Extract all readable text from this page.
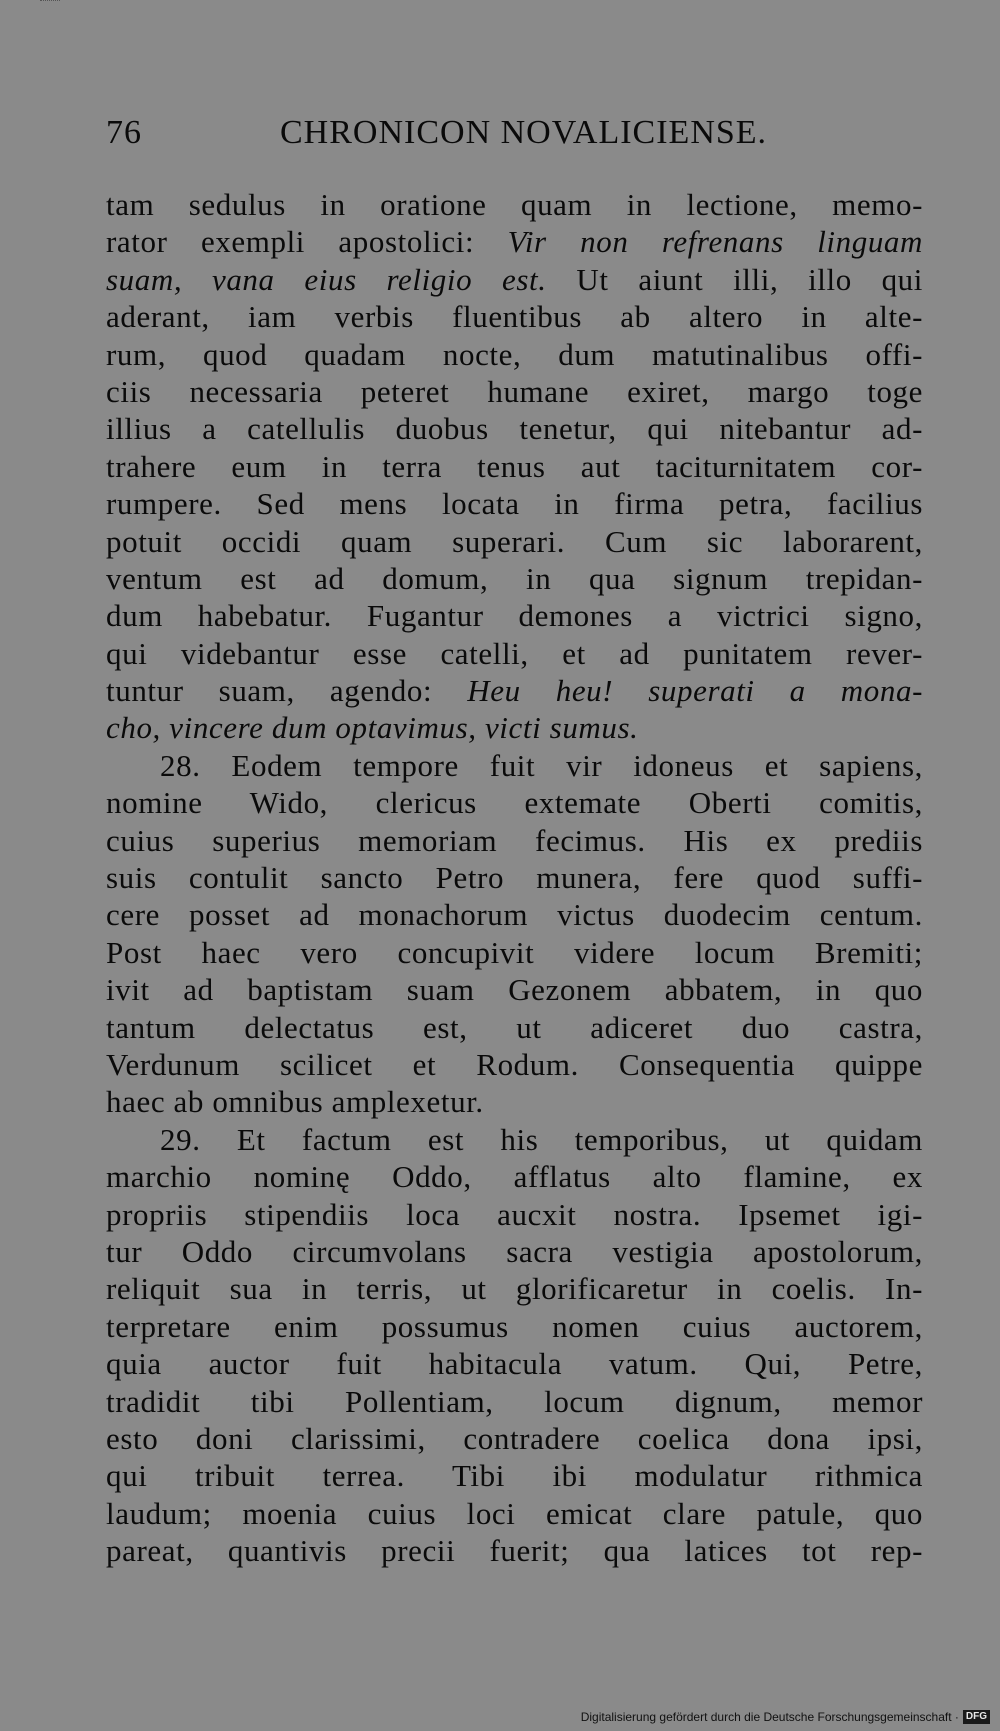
76	CHRONICON NOVALICIENSE.
tam sedulus in oratione quam in lectione, memo-
rator exempli apostolici: Vir non refrenans linguam
suam, vana eius religio est. Ut aiunt illi, illo qui
aderant, iam verbis fluentibus ab altero in alte-
rum, quod quadam nocte, dum matutinalibus offi-
ciis necessaria peteret humane exiret, margo toge
illius a catellulis duobus tenetur, qui nitebantur ad-
trahere eum in terra tenus aut taciturnitatem cor-
rumpere. Sed mens locata in firma petra, facilius
potuit occidi quam superari. Cum sic laborarent,
ventum est ad domum, in qua signum trepidan-
dum habebatur. Fugantur demones a victrici signo,
qui videbantur esse catelli, et ad punitatem rever-
tuntur suam, agendo: Heu heu! superati a mona-
cho, vincere dum optavimus, victi sumus.
28. Eodem tempore fuit vir idoneus et sapiens,
nomine Wido, clericus extemate Oberti comitis,
cuius superius memoriam fecimus. His ex prediis
suis contulit sancto Petro munera, fere quod suffi-
cere posset ad monachorum victus duodecim centum.
Post haec vero concupivit videre locum Bremiti;
ivit ad baptistam suam Gezonem abbatem, in quo
tantum delectatus est, ut adiceret duo castra,
Verdunum scilicet et Rodum. Consequentia quippe
haec ab omnibus amplexetur.
29. Et factum est his temporibus, ut quidam
marchio nominę Oddo, afflatus alto flamine, ex
propriis stipendiis loca aucxit nostra. Ipsemet igi-
tur Oddo circumvolans sacra vestigia apostolorum,
reliquit sua in terris, ut glorificaretur in coelis. In-
terpretare enim possumus nomen cuius auctorem,
quia auctor fuit habitacula vatum. Qui, Petre,
tradidit tibi Pollentiam, locum dignum, memor
esto doni clarissimi, contradere coelica dona ipsi,
qui tribuit terrea. Tibi ibi modulatur rithmica
laudum; moenia cuius loci emicat clare patule, quo
pareat, quantivis precii fuerit; qua latices tot rep-
Digitalisierung gefördert durch die Deutsche Forschungsgemeinschaft · DFG
